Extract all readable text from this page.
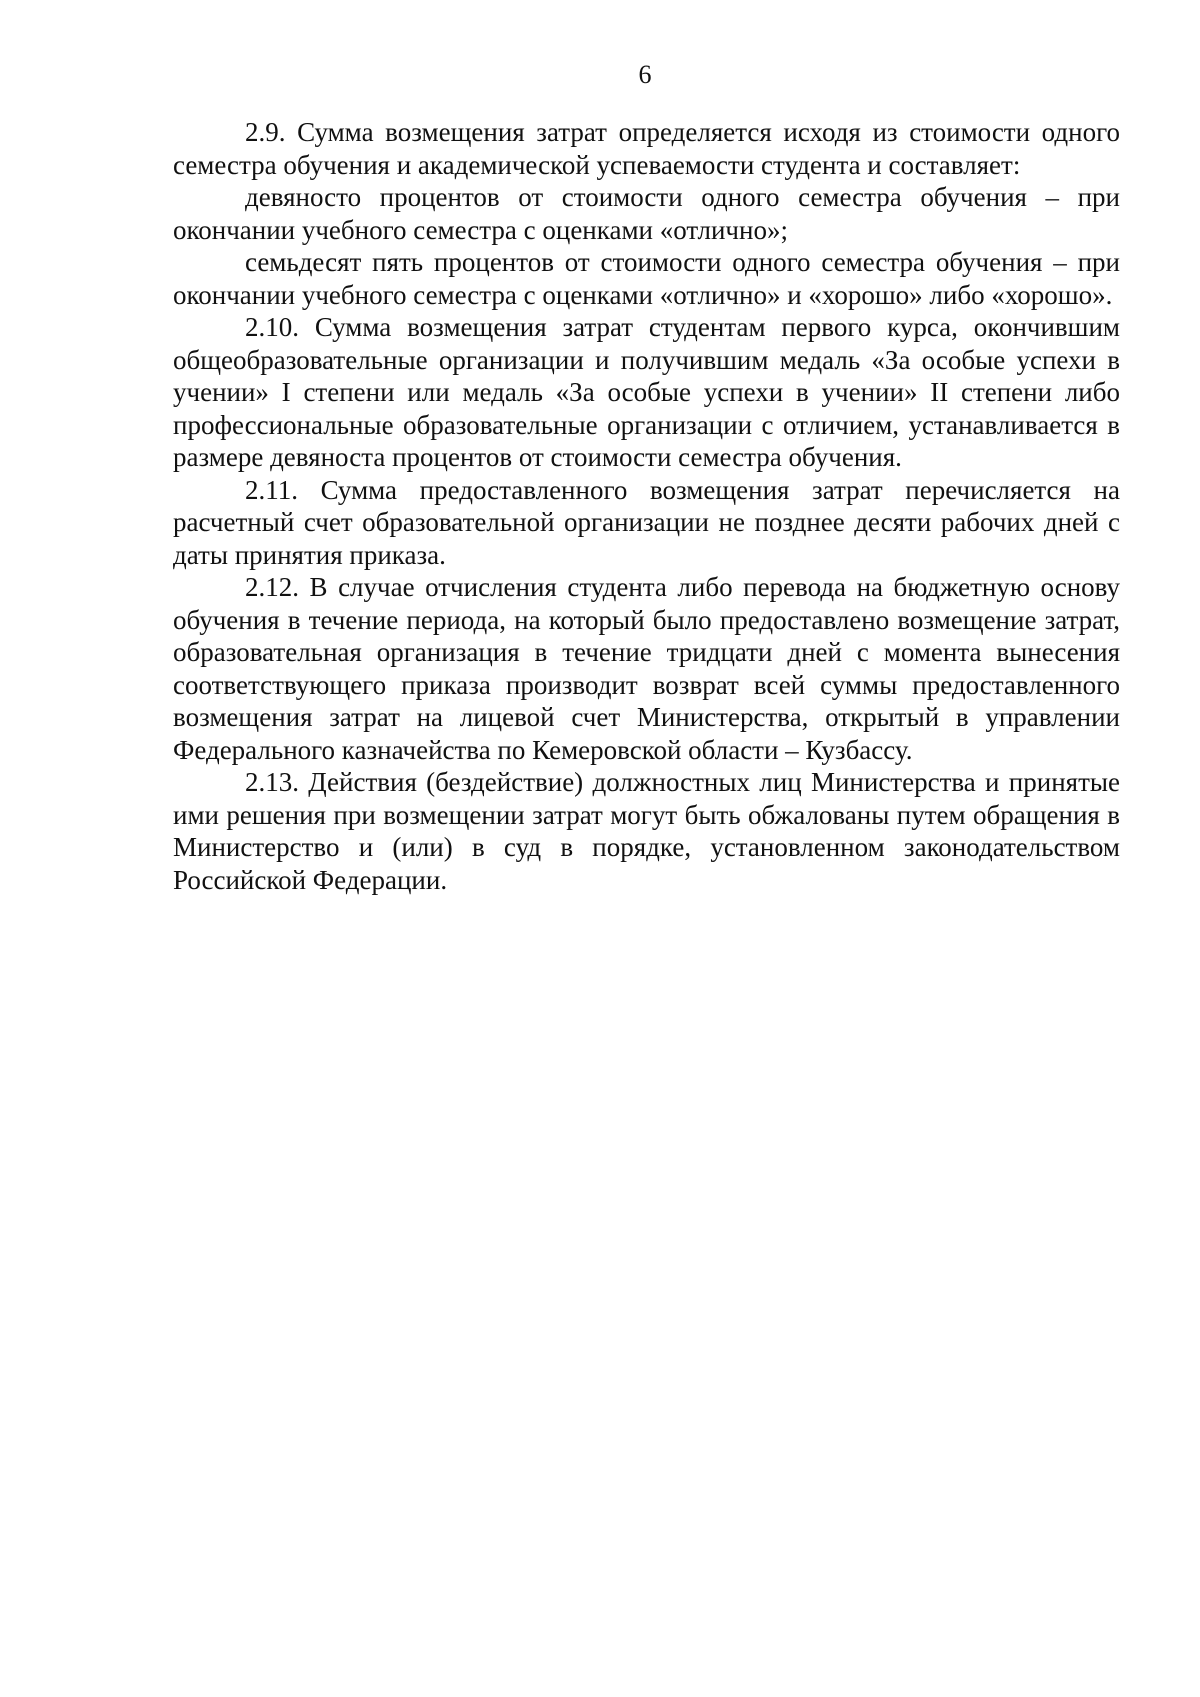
6

2.9. Сумма возмещения затрат определяется исходя из стоимости одного семестра обучения и академической успеваемости студента и составляет:

девяносто процентов от стоимости одного семестра обучения – при окончании учебного семестра с оценками «отлично»;

семьдесят пять процентов от стоимости одного семестра обучения – при окончании учебного семестра с оценками «отлично» и «хорошо» либо «хорошо».

2.10. Сумма возмещения затрат студентам первого курса, окончившим общеобразовательные организации и получившим медаль «За особые успехи в учении» I степени или медаль «За особые успехи в учении» II степени либо профессиональные образовательные организации с отличием, устанавливается в размере девяноста процентов от стоимости семестра обучения.

2.11. Сумма предоставленного возмещения затрат перечисляется на расчетный счет образовательной организации не позднее десяти рабочих дней с даты принятия приказа.

2.12. В случае отчисления студента либо перевода на бюджетную основу обучения в течение периода, на который было предоставлено возмещение затрат, образовательная организация в течение тридцати дней с момента вынесения соответствующего приказа производит возврат всей суммы предоставленного возмещения затрат на лицевой счет Министерства, открытый в управлении Федерального казначейства по Кемеровской области – Кузбассу.

2.13. Действия (бездействие) должностных лиц Министерства и принятые ими решения при возмещении затрат могут быть обжалованы путем обращения в Министерство и (или) в суд в порядке, установленном законодательством Российской Федерации.
